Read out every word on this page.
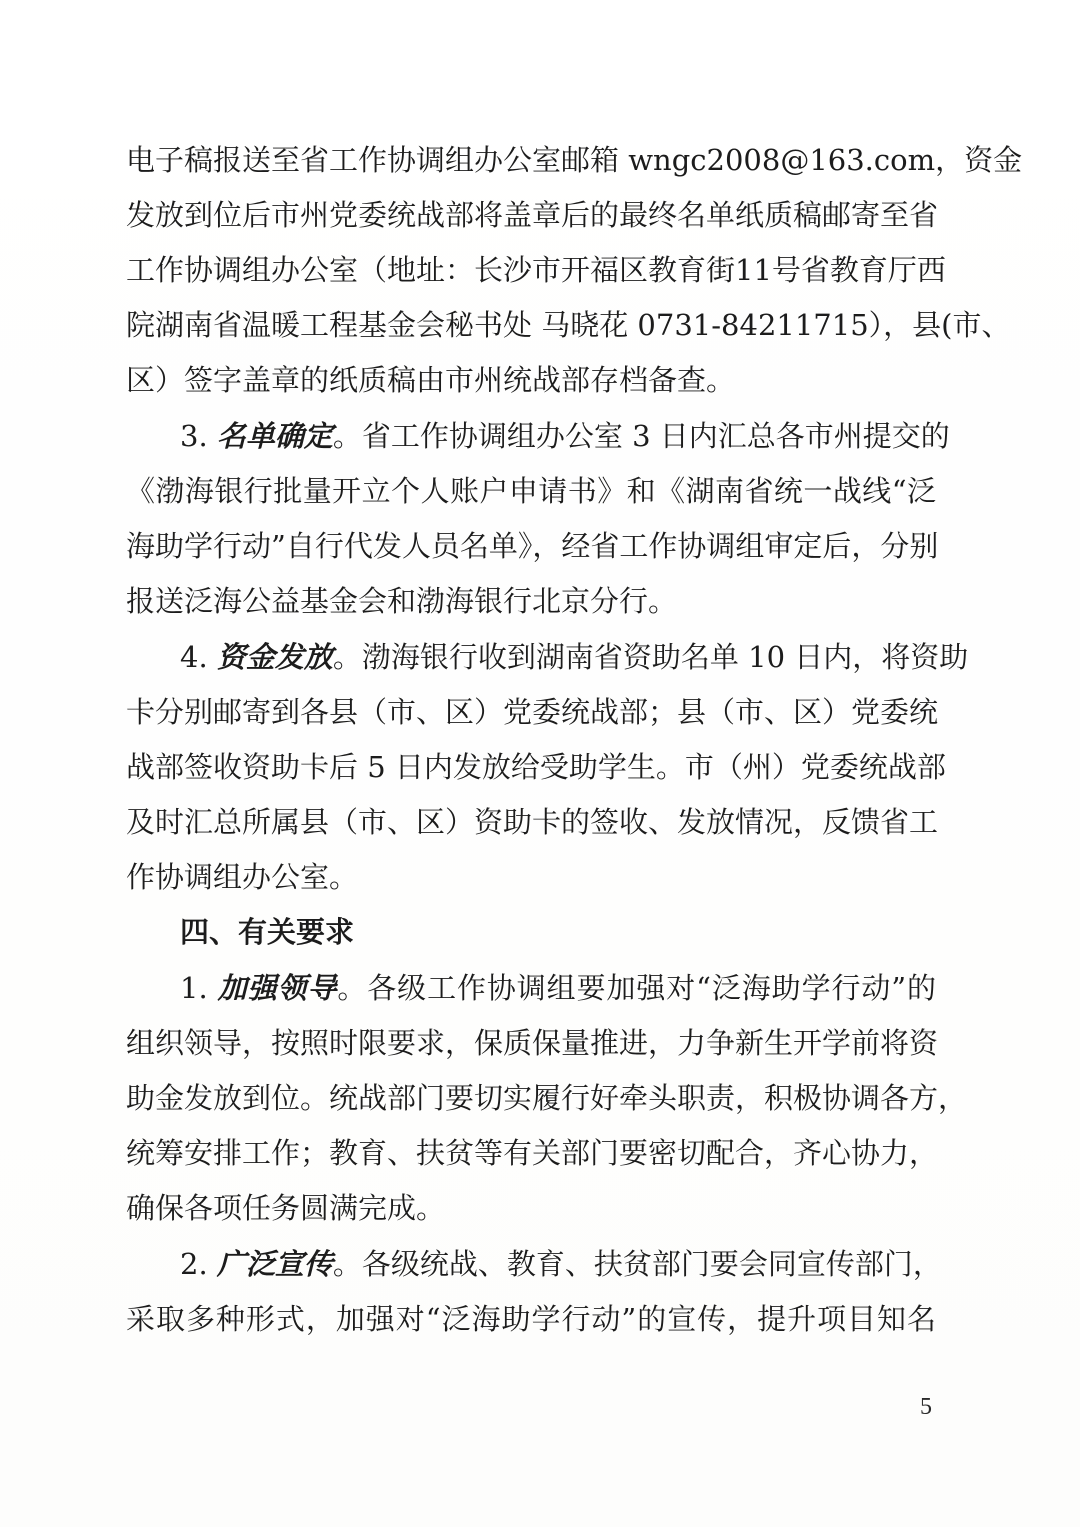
电子稿报送至省工作协调组办公室邮箱 wngc2008@163.com，资金
发放到位后市州党委统战部将盖章后的最终名单纸质稿邮寄至省
工作协调组办公室（地址：长沙市开福区教育街11号省教育厅西
院湖南省温暖工程基金会秘书处 马晓花 0731-84211715），县(市、
区）签字盖章的纸质稿由市州统战部存档备查。
3. 名单确定。省工作协调组办公室 3 日内汇总各市州提交的
《渤海银行批量开立个人账户申请书》和《湖南省统一战线“泛
海助学行动”自行代发人员名单》，经省工作协调组审定后，分别
报送泛海公益基金会和渤海银行北京分行。
4. 资金发放。渤海银行收到湖南省资助名单 10 日内，将资助
卡分别邮寄到各县（市、区）党委统战部；县（市、区）党委统
战部签收资助卡后 5 日内发放给受助学生。市（州）党委统战部
及时汇总所属县（市、区）资助卡的签收、发放情况，反馈省工
作协调组办公室。
四、有关要求
1. 加强领导。各级工作协调组要加强对“泛海助学行动”的
组织领导，按照时限要求，保质保量推进，力争新生开学前将资
助金发放到位。统战部门要切实履行好牵头职责，积极协调各方，
统筹安排工作；教育、扶贫等有关部门要密切配合，齐心协力，
确保各项任务圆满完成。
2. 广泛宣传。各级统战、教育、扶贫部门要会同宣传部门，
采取多种形式，加强对“泛海助学行动”的宣传，提升项目知名
5
